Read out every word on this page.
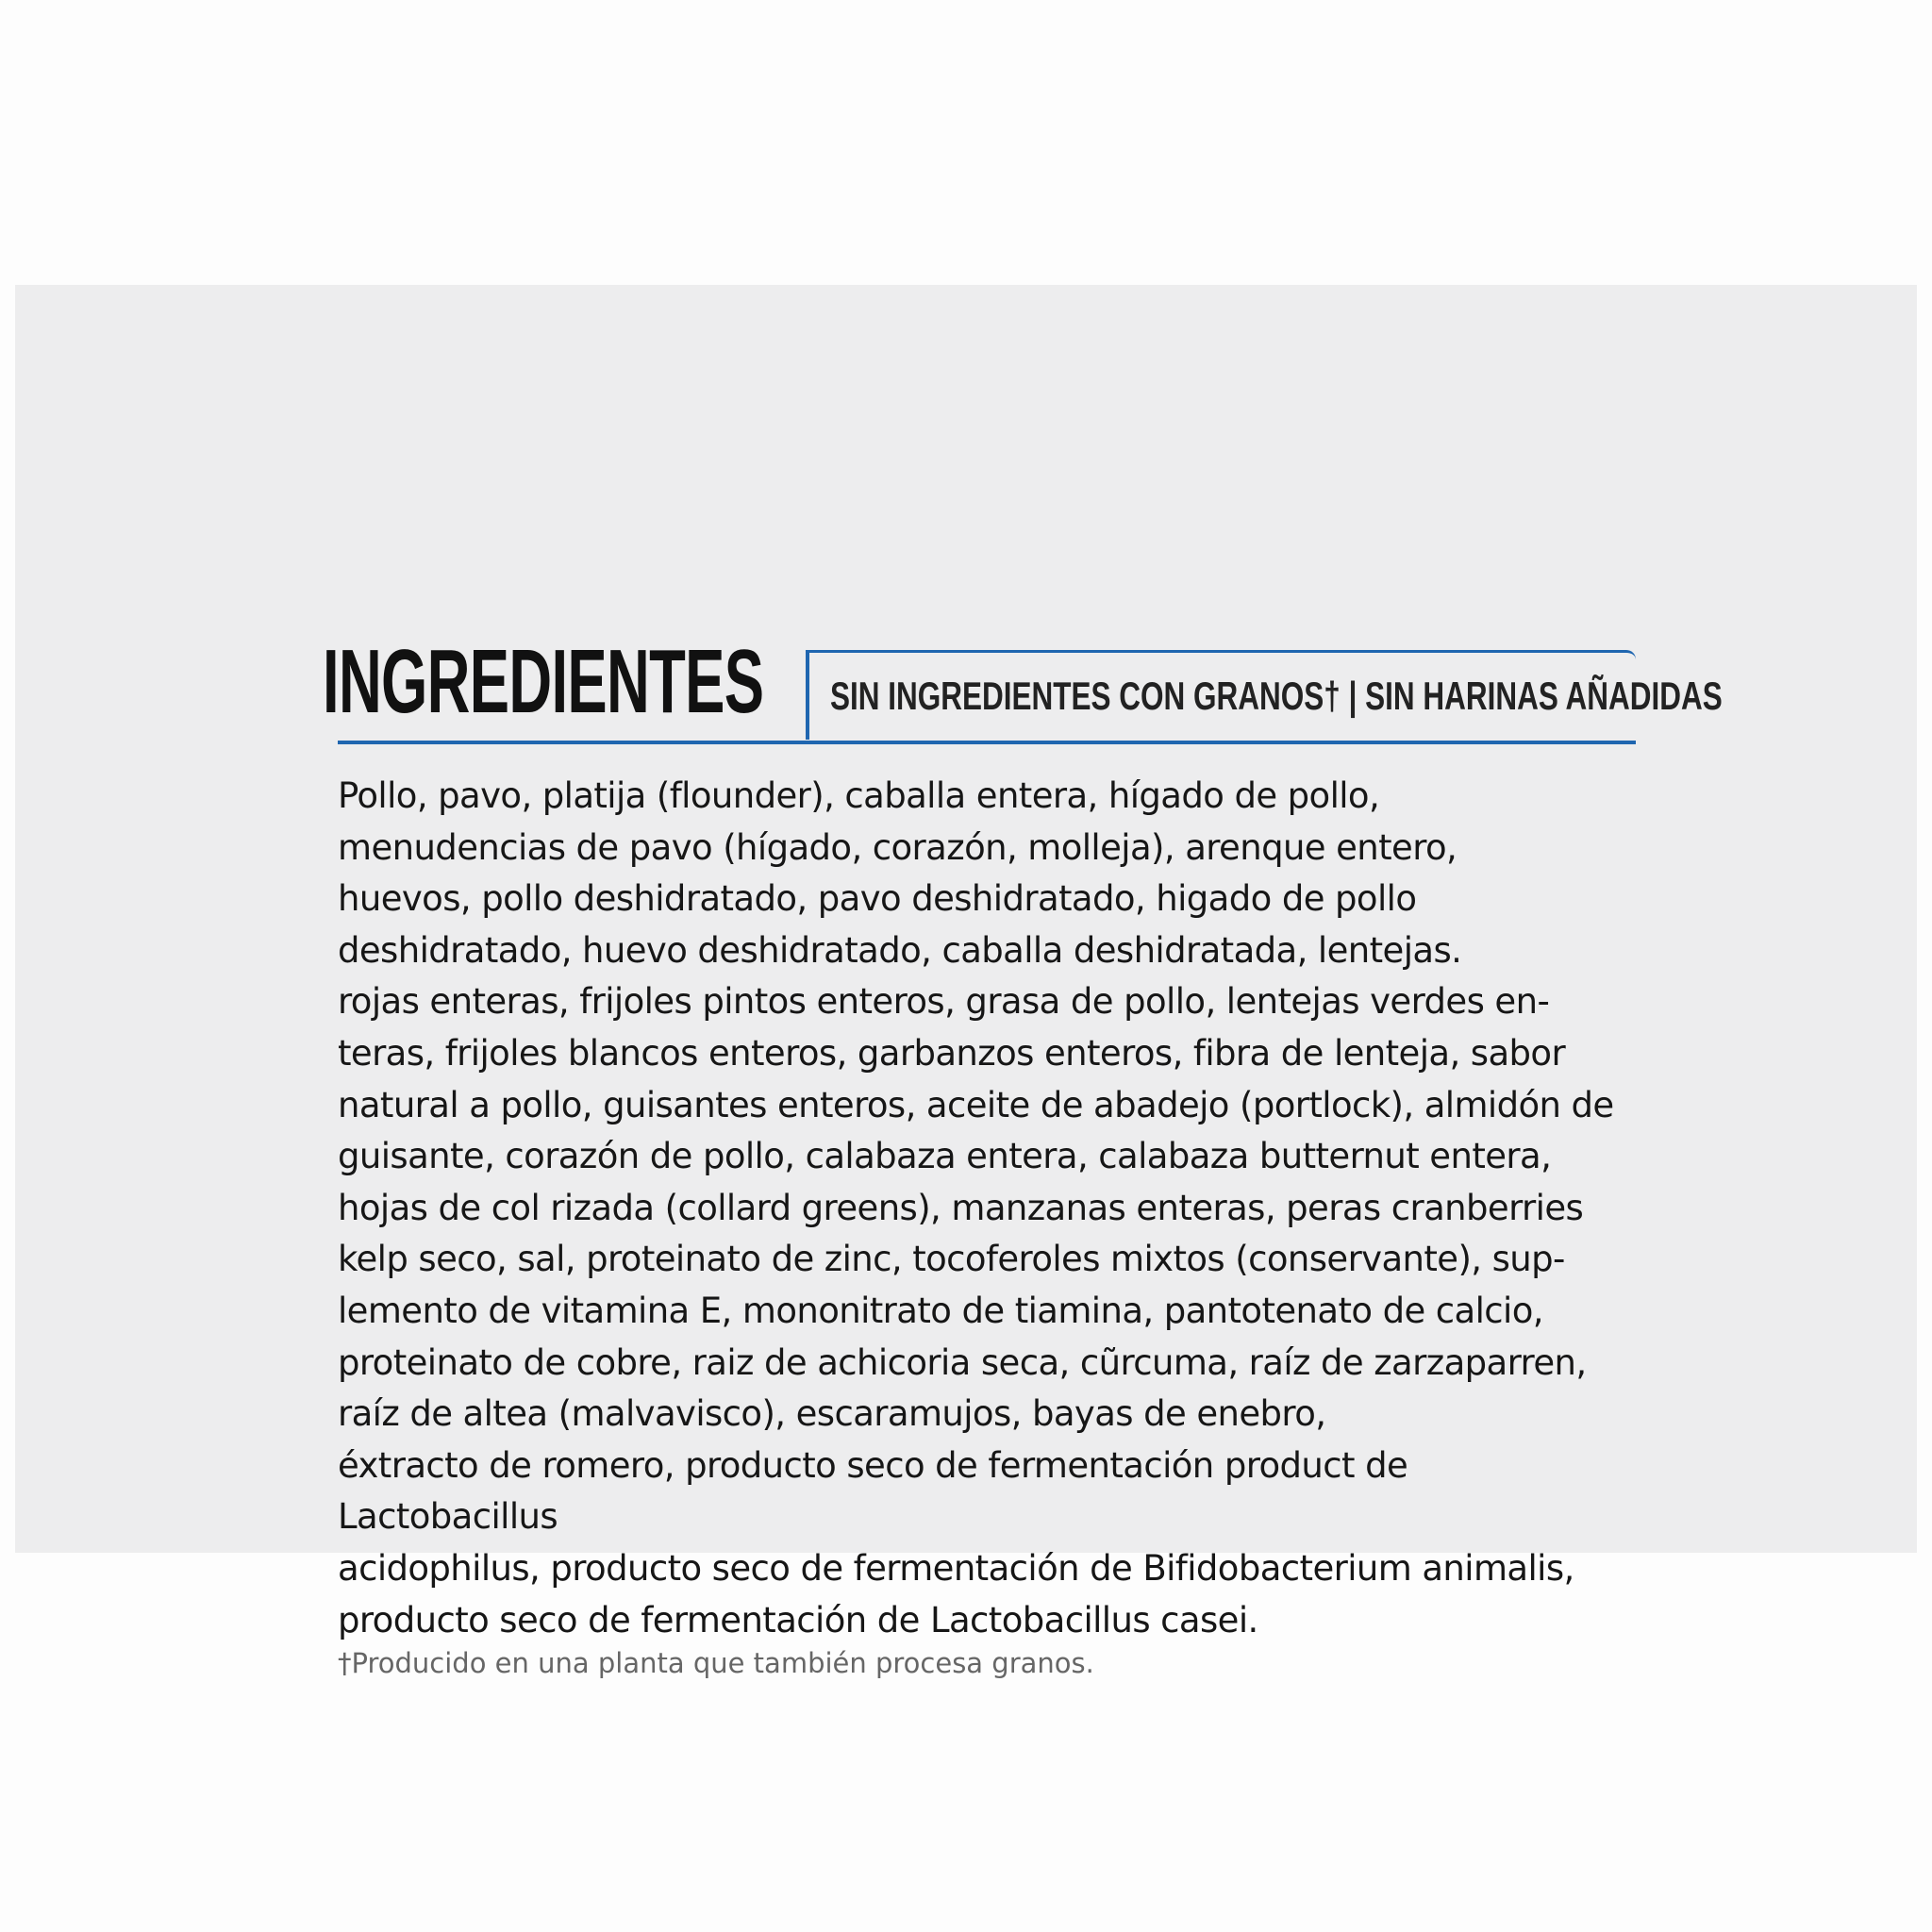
INGREDIENTES SIN INGREDIENTES CON GRANOS† | SIN HARINAS AÑADIDAS

Pollo, pavo, platija (flounder), caballa entera, hígado de pollo,
menudencias de pavo (hígado, corazón, molleja), arenque entero,
huevos, pollo deshidratado, pavo deshidratado, higado de pollo
deshidratado, huevo deshidratado, caballa deshidratada, lentejas.
rojas enteras, frijoles pintos enteros, grasa de pollo, lentejas verdes en-
teras, frijoles blancos enteros, garbanzos enteros, fibra de lenteja, sabor
natural a pollo, guisantes enteros, aceite de abadejo (portlock), almidón de
guisante, corazón de pollo, calabaza entera, calabaza butternut entera,
hojas de col rizada (collard greens), manzanas enteras, peras cranberries
kelp seco, sal, proteinato de zinc, tocoferoles mixtos (conservante), sup-
lemento de vitamina E, mononitrato de tiamina, pantotenato de calcio,
proteinato de cobre, raiz de achicoria seca, cũrcuma, raíz de zarzaparren,
raíz de altea (malvavisco), escaramujos, bayas de enebro,
éxtracto de romero, producto seco de fermentación product de Lactobacillus
acidophilus, producto seco de fermentación de Bifidobacterium animalis,
producto seco de fermentación de Lactobacillus casei.

†Producido en una planta que también procesa granos.
